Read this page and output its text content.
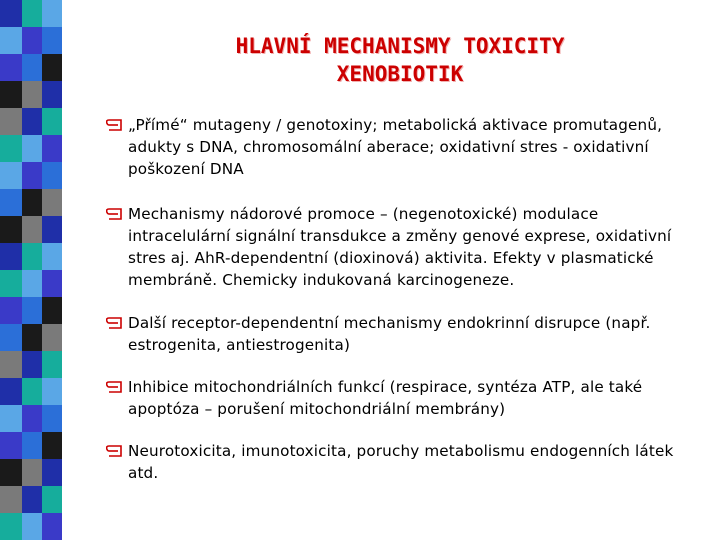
HLAVNÍ MECHANISMY TOXICITY
XENOBIOTIK
„Přímé“ mutageny / genotoxiny; metabolická aktivace promutagenů, adukty s DNA, chromosomální aberace; oxidativní stres - oxidativní poškození DNA
Mechanismy nádorové promoce – (negenotoxické) modulace intracelulární signální transdukce a změny genové exprese, oxidativní stres aj. AhR-dependentní (dioxinová) aktivita. Efekty v plasmatické membráně. Chemicky indukovaná karcinogeneze.
Další receptor-dependentní mechanismy endokrinní disrupce (např. estrogenita, antiestrogenita)
Inhibice mitochondriálních funkcí (respirace, syntéza ATP, ale také apoptóza – porušení mitochondriální membrány)
Neurotoxicita, imunotoxicita, poruchy metabolismu endogenních látek atd.
